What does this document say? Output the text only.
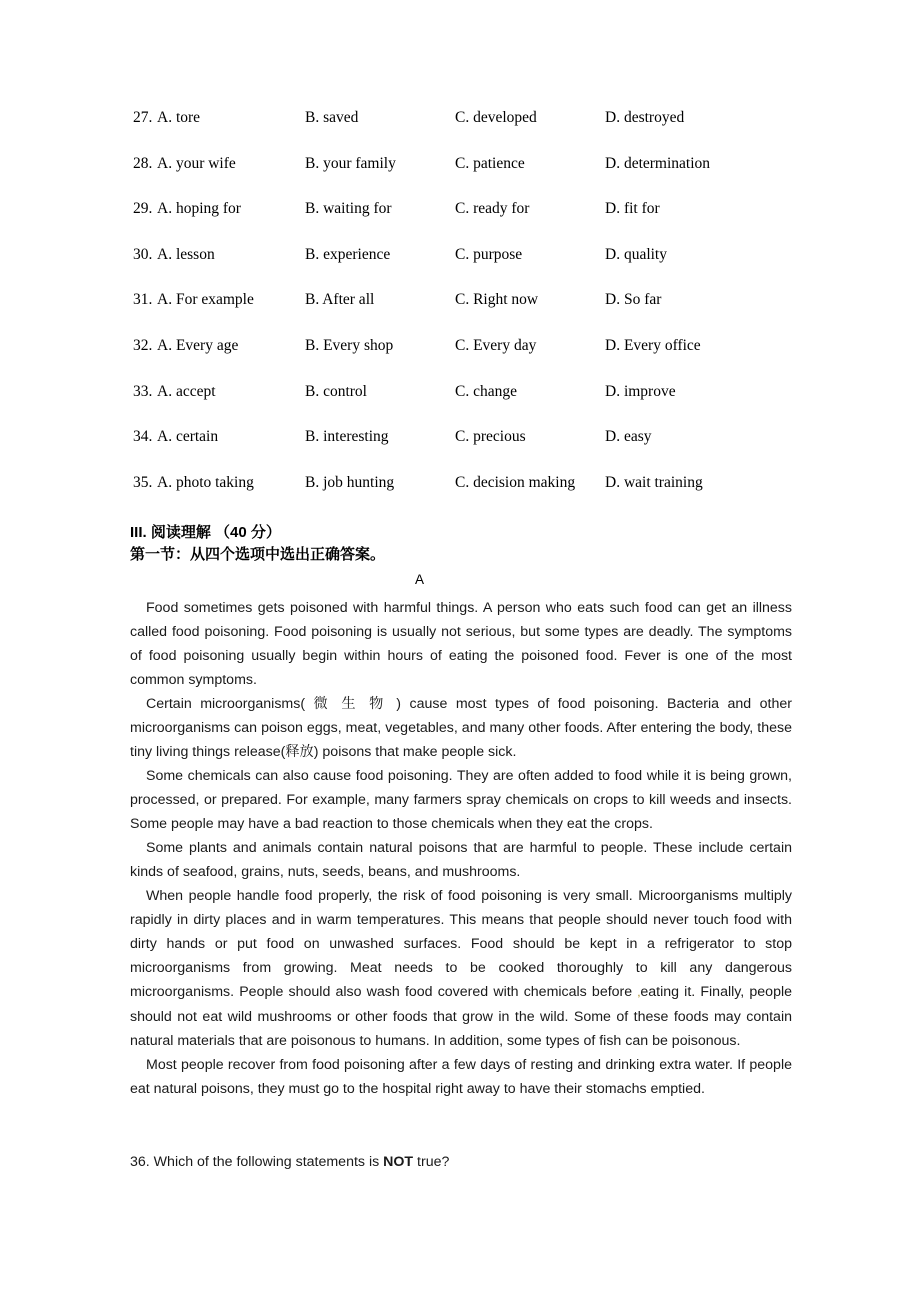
27. A. tore	B. saved	C. developed	D. destroyed
28. A. your wife	B. your family	C. patience	D. determination
29. A. hoping for	B. waiting for	C. ready for	D. fit for
30. A. lesson	B. experience	C. purpose	D. quality
31. A. For example	B. After all	C. Right now	D. So far
32. A. Every age	B. Every shop	C. Every day	D. Every office
33. A. accept	B. control	C. change	D. improve
34. A. certain	B. interesting	C. precious	D. easy
35. A. photo taking	B. job hunting	C. decision making D. wait training
III. 阅读理解 （40 分）
第一节：从四个选项中选出正确答案。
A

Food sometimes gets poisoned with harmful things. A person who eats such food can get an illness called food poisoning. Food poisoning is usually not serious, but some types are deadly. The symptoms of food poisoning usually begin within hours of eating the poisoned food. Fever is one of the most common symptoms.

Certain microorganisms( 微 生 物 ) cause most types of food poisoning. Bacteria and other microorganisms can poison eggs, meat, vegetables, and many other foods. After entering the body, these tiny living things release(释放) poisons that make people sick.

Some chemicals can also cause food poisoning. They are often added to food while it is being grown, processed, or prepared. For example, many farmers spray chemicals on crops to kill weeds and insects. Some people may have a bad reaction to those chemicals when they eat the crops.

Some plants and animals contain natural poisons that are harmful to people. These include certain kinds of seafood, grains, nuts, seeds, beans, and mushrooms.

When people handle food properly, the risk of food poisoning is very small. Microorganisms multiply rapidly in dirty places and in warm temperatures. This means that people should never touch food with dirty hands or put food on unwashed surfaces. Food should be kept in a refrigerator to stop microorganisms from growing. Meat needs to be cooked thoroughly to kill any dangerous microorganisms. People should also wash food covered with chemicals before ,eating it. Finally, people should not eat wild mushrooms or other foods that grow in the wild. Some of these foods may contain natural materials that are poisonous to humans. In addition, some types of fish can be poisonous.

Most people recover from food poisoning after a few days of resting and drinking extra water. If people eat natural poisons, they must go to the hospital right away to have their stomachs emptied.

36. Which of the following statements is NOT true?
